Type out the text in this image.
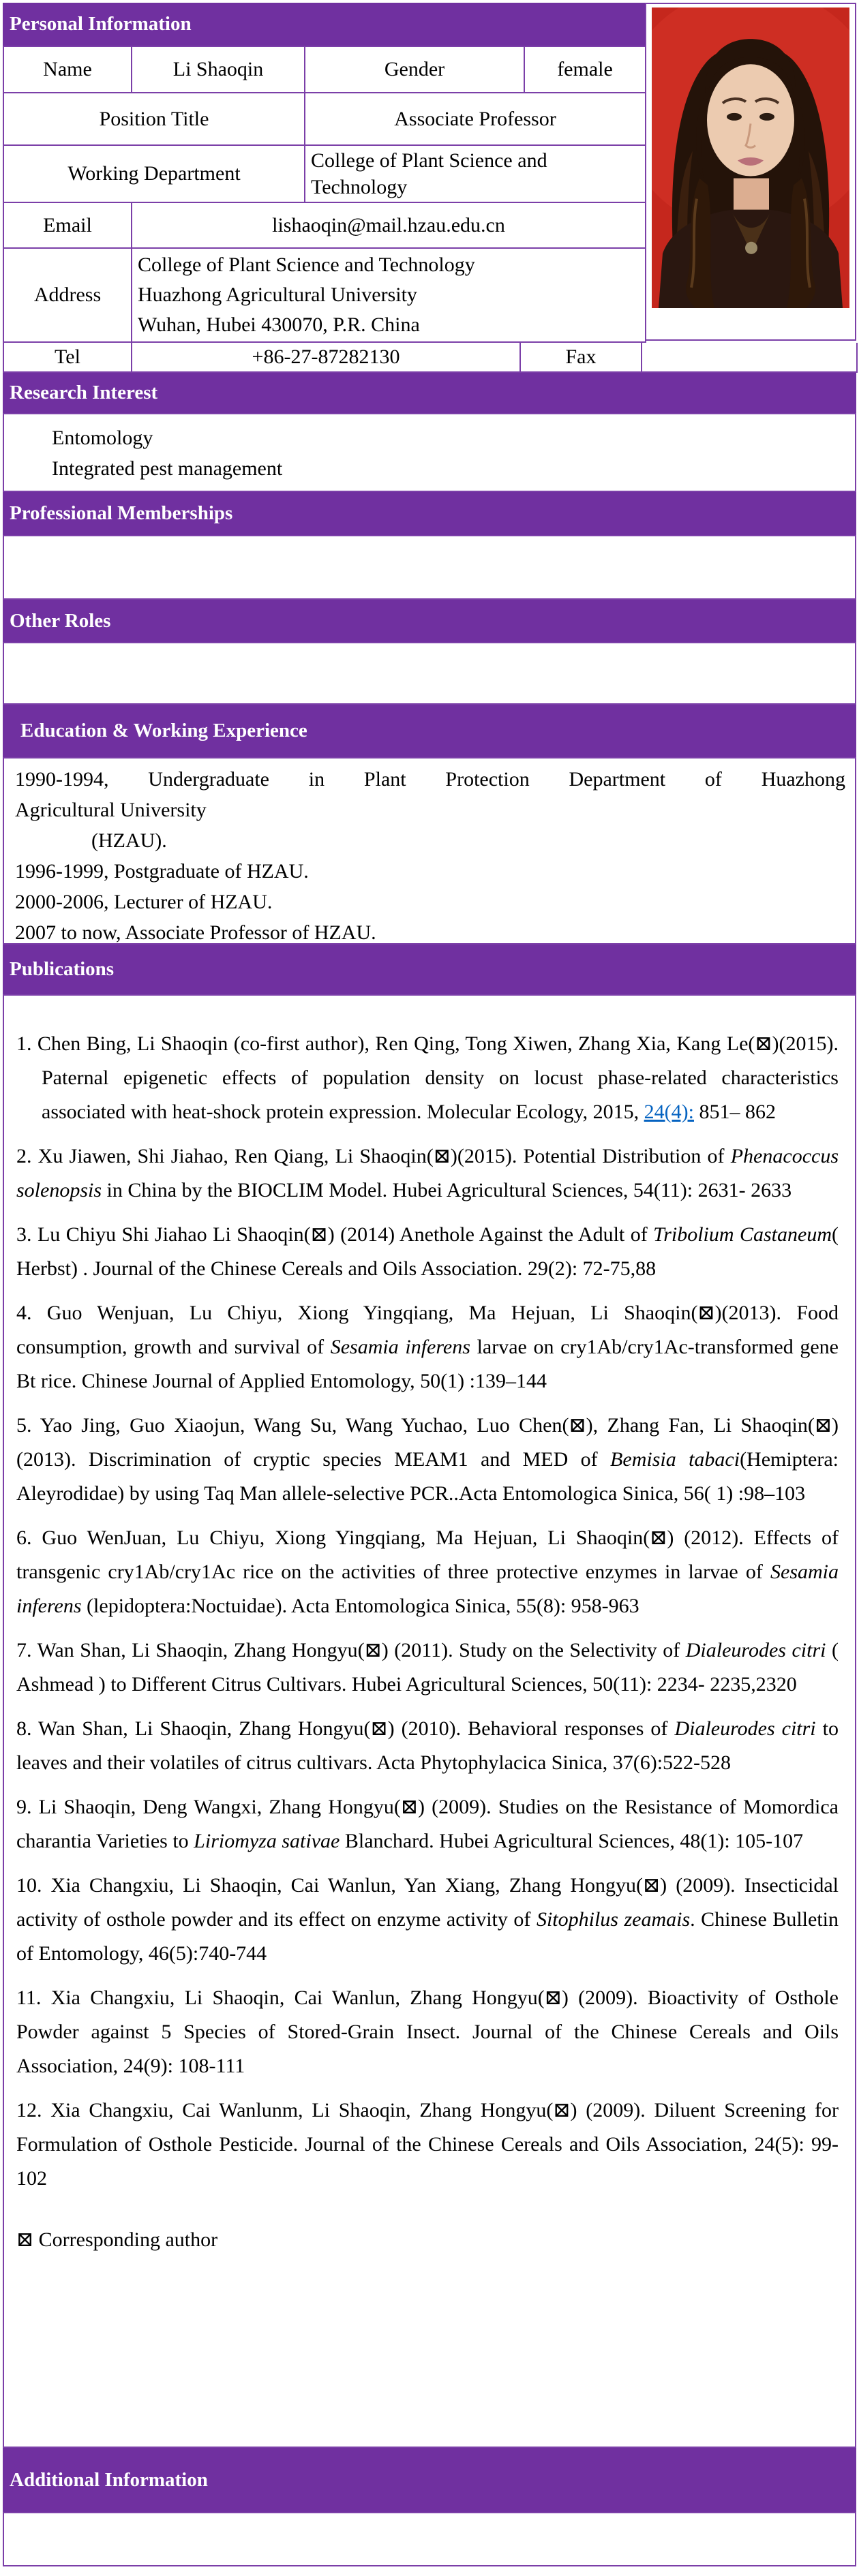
Personal Information
Name	Li Shaoqin	Gender	female
Position Title		Associate Professor	
Working Department		College of Plant Science and Technology	
Email	lishaoqin@mail.hzau.edu.cn		
Address	College of Plant Science and Technology
Huazhong Agricultural University
Wuhan, Hubei 430070, P.R. China		
Tel	+86-27-87282130	Fax	
Research Interest
Entomology
Integrated pest management
Professional Memberships
Other Roles
Education & Working Experience
1990-1994, Undergraduate in Plant Protection Department of Huazhong
Agricultural University
(HZAU).
1996-1999, Postgraduate of HZAU.
2000-2006, Lecturer of HZAU.
2007 to now, Associate Professor of HZAU.
Publications

1. Chen Bing, Li Shaoqin (co-first author), Ren Qing, Tong Xiwen, Zhang Xia, Kang Le(⊠)(2015). Paternal epigenetic effects of population density on locust phase-related characteristics associated with heat-shock protein expression. Molecular Ecology, 2015, 24(4): 851– 862

2. Xu Jiawen, Shi Jiahao, Ren Qiang, Li Shaoqin(⊠)(2015). Potential Distribution of Phenacoccus solenopsis in China by the BIOCLIM Model. Hubei Agricultural Sciences, 54(11): 2631- 2633

3. Lu Chiyu Shi Jiahao Li Shaoqin(⊠) (2014) Anethole Against the Adult of Tribolium Castaneum( Herbst) . Journal of the Chinese Cereals and Oils Association. 29(2): 72-75,88

4. Guo Wenjuan, Lu Chiyu, Xiong Yingqiang, Ma Hejuan, Li Shaoqin(⊠)(2013). Food consumption, growth and survival of Sesamia inferens larvae on cry1Ab/cry1Ac-transformed gene Bt rice. Chinese Journal of Applied Entomology, 50(1) :139–144

5. Yao Jing, Guo Xiaojun, Wang Su, Wang Yuchao, Luo Chen(⊠), Zhang Fan, Li Shaoqin(⊠) (2013). Discrimination of cryptic species MEAM1 and MED of Bemisia tabaci(Hemiptera: Aleyrodidae) by using Taq Man allele-selective PCR..Acta Entomologica Sinica, 56( 1) :98–103

6. Guo WenJuan, Lu Chiyu, Xiong Yingqiang, Ma Hejuan, Li Shaoqin(⊠) (2012). Effects of transgenic cry1Ab/cry1Ac rice on the activities of three protective enzymes in larvae of Sesamia inferens (lepidoptera:Noctuidae). Acta Entomologica Sinica, 55(8): 958-963

7. Wan Shan, Li Shaoqin, Zhang Hongyu(⊠) (2011). Study on the Selectivity of Dialeurodes citri ( Ashmead ) to Different Citrus Cultivars. Hubei Agricultural Sciences, 50(11): 2234- 2235,2320

8. Wan Shan, Li Shaoqin, Zhang Hongyu(⊠) (2010). Behavioral responses of Dialeurodes citri to leaves and their volatiles of citrus cultivars. Acta Phytophylacica Sinica, 37(6):522-528

9. Li Shaoqin, Deng Wangxi, Zhang Hongyu(⊠) (2009). Studies on the Resistance of Momordica charantia Varieties to Liriomyza sativae Blanchard. Hubei Agricultural Sciences, 48(1): 105-107

10. Xia Changxiu, Li Shaoqin, Cai Wanlun, Yan Xiang, Zhang Hongyu(⊠) (2009). Insecticidal activity of osthole powder and its effect on enzyme activity of Sitophilus zeamais. Chinese Bulletin of Entomology, 46(5):740-744

11. Xia Changxiu, Li Shaoqin, Cai Wanlun, Zhang Hongyu(⊠) (2009). Bioactivity of Osthole Powder against 5 Species of Stored-Grain Insect. Journal of the Chinese Cereals and Oils Association, 24(9): 108-111

12. Xia Changxiu, Cai Wanlunm, Li Shaoqin, Zhang Hongyu(⊠) (2009). Diluent Screening for Formulation of Osthole Pesticide. Journal of the Chinese Cereals and Oils Association, 24(5): 99-102

⊠ Corresponding author
Additional Information
